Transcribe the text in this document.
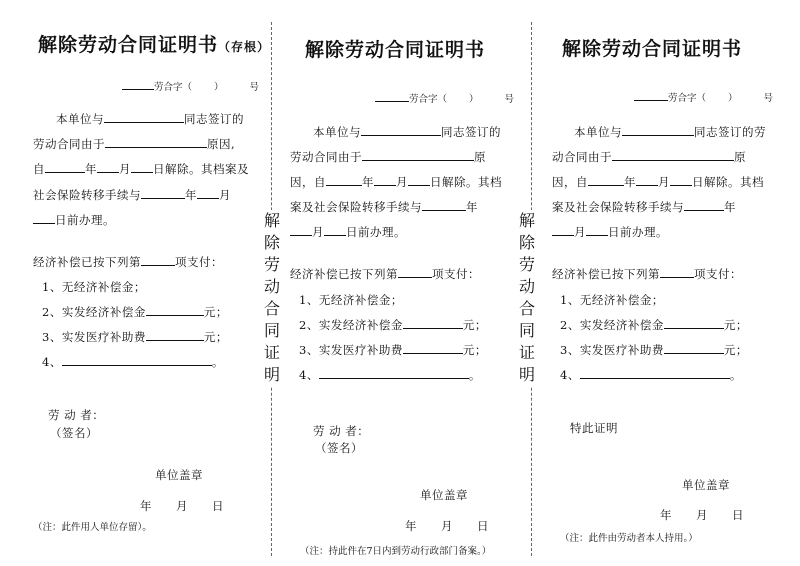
解除劳动合同证明书（存根）
劳合字（ ）	号
本单位与	同志签订的
劳动合同由于	原因,
自	年 月 日解除。其档案及
社会保险转移手续与	年 月
日前办理。
经济补偿已按下列第	项支付：
1、无经济补偿金；
2、实发经济补偿金	元；
3、实发医疗补助费	元；
4、	。
劳 动 者：
（签名）
单位盖章
年 月 日
（注：此件用人单位存留）。
解
除
劳
动
合
同
证
明
解除劳动合同证明书
劳合字（ ）	号
本单位与	同志签订的
劳动合同由于	原
因，自	年 月 日解除。其档
案及社会保险转移手续与	年
月 日前办理。
经济补偿已按下列第	项支付：
1、无经济补偿金；
2、实发经济补偿金	元；
3、实发医疗补助费	元；
4、	。
劳 动 者：
（签名）
单位盖章
年 月 日
（注：持此件在7日内到劳动行政部门备案。）
解
除
劳
动
合
同
证
明
解除劳动合同证明书
劳合字（ ）	号
本单位与	同志签订的劳
动合同由于	原
因，自	年 月 日解除。其档
案及社会保险转移手续与	年
月 日前办理。
经济补偿已按下列第	项支付：
1、无经济补偿金；
2、实发经济补偿金	元；
3、实发医疗补助费	元；
4、	。
特此证明
单位盖章
年 月 日
（注：此件由劳动者本人持用。）
